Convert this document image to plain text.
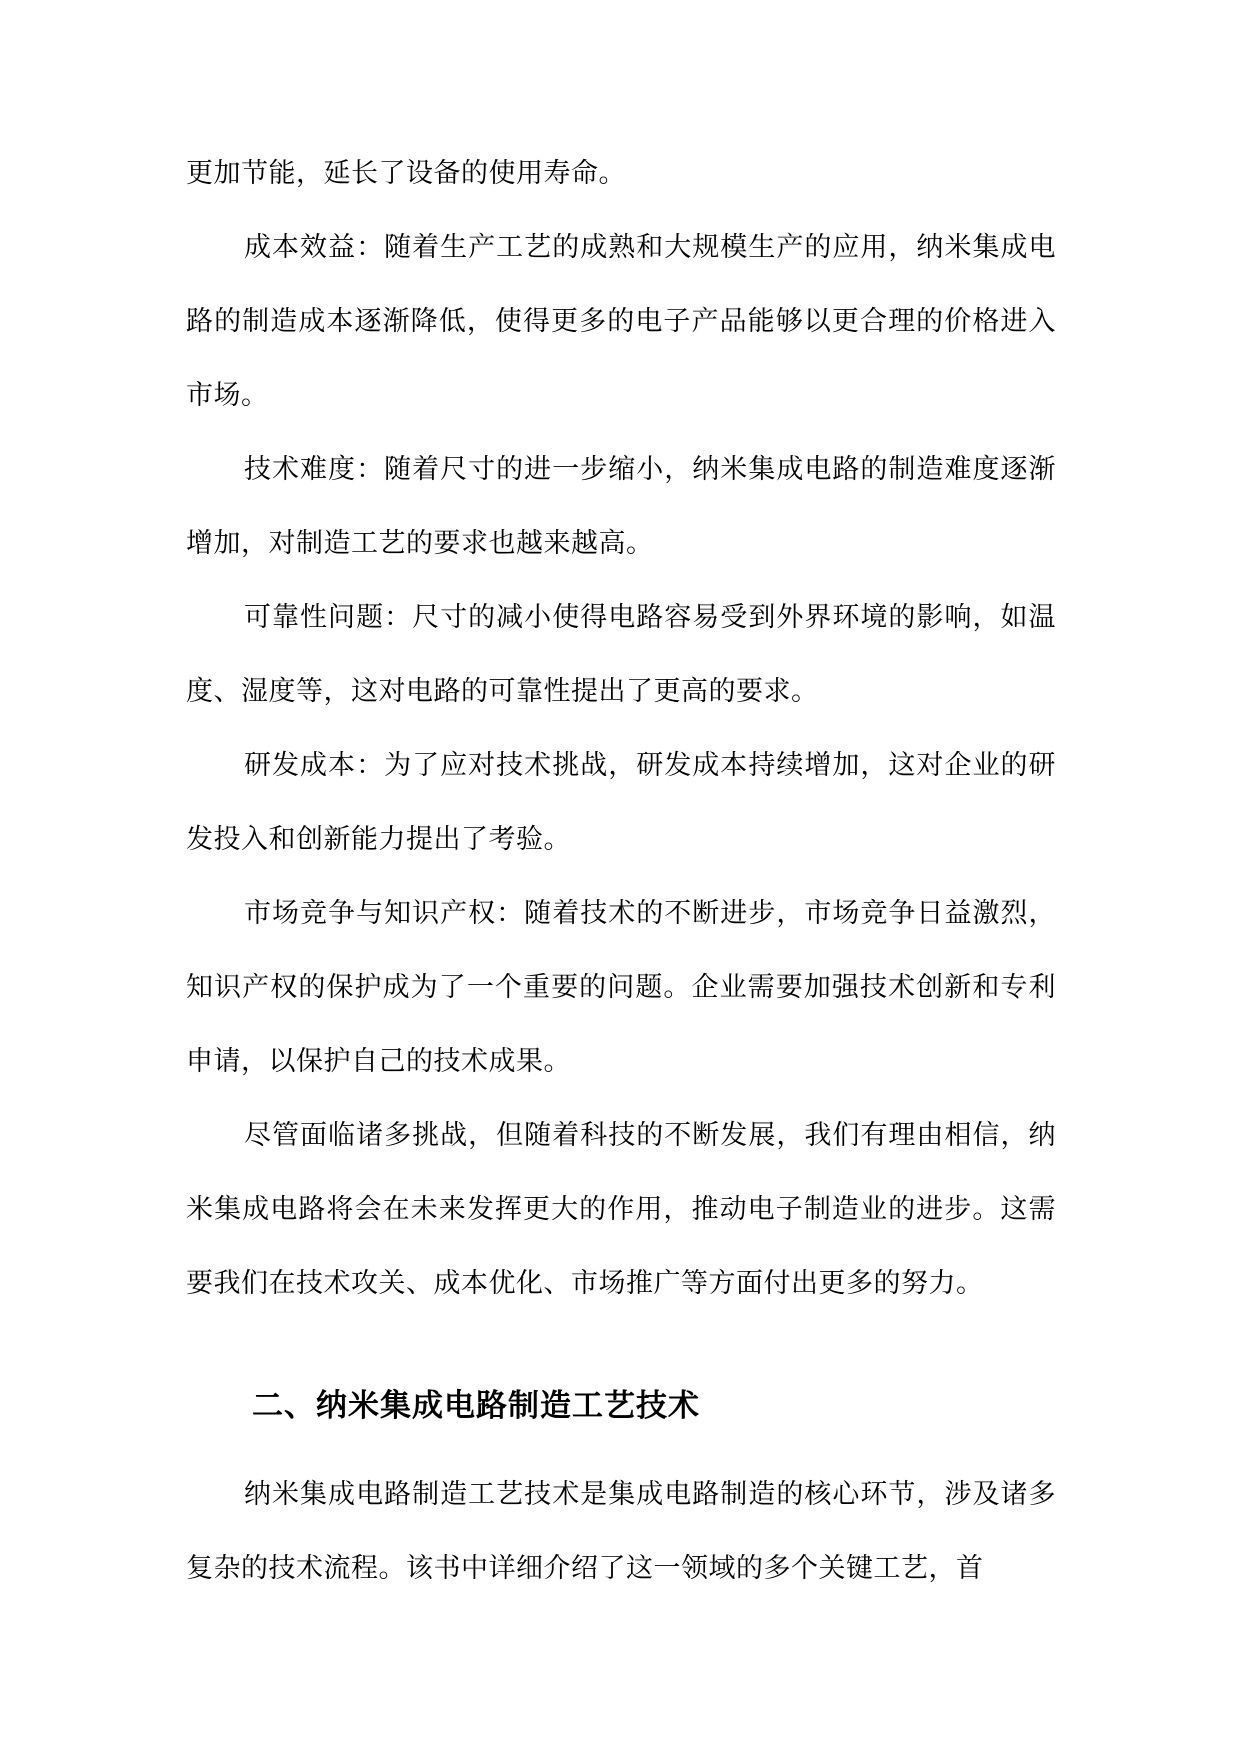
更加节能，延长了设备的使用寿命。

成本效益：随着生产工艺的成熟和大规模生产的应用，纳米集成电路的制造成本逐渐降低，使得更多的电子产品能够以更合理的价格进入市场。

技术难度：随着尺寸的进一步缩小，纳米集成电路的制造难度逐渐增加，对制造工艺的要求也越来越高。

可靠性问题：尺寸的减小使得电路容易受到外界环境的影响，如温度、湿度等，这对电路的可靠性提出了更高的要求。

研发成本：为了应对技术挑战，研发成本持续增加，这对企业的研发投入和创新能力提出了考验。

市场竞争与知识产权：随着技术的不断进步，市场竞争日益激烈，知识产权的保护成为了一个重要的问题。企业需要加强技术创新和专利申请，以保护自己的技术成果。

尽管面临诸多挑战，但随着科技的不断发展，我们有理由相信，纳米集成电路将会在未来发挥更大的作用，推动电子制造业的进步。这需要我们在技术攻关、成本优化、市场推广等方面付出更多的努力。

二、纳米集成电路制造工艺技术

纳米集成电路制造工艺技术是集成电路制造的核心环节，涉及诸多复杂的技术流程。该书中详细介绍了这一领域的多个关键工艺，首
